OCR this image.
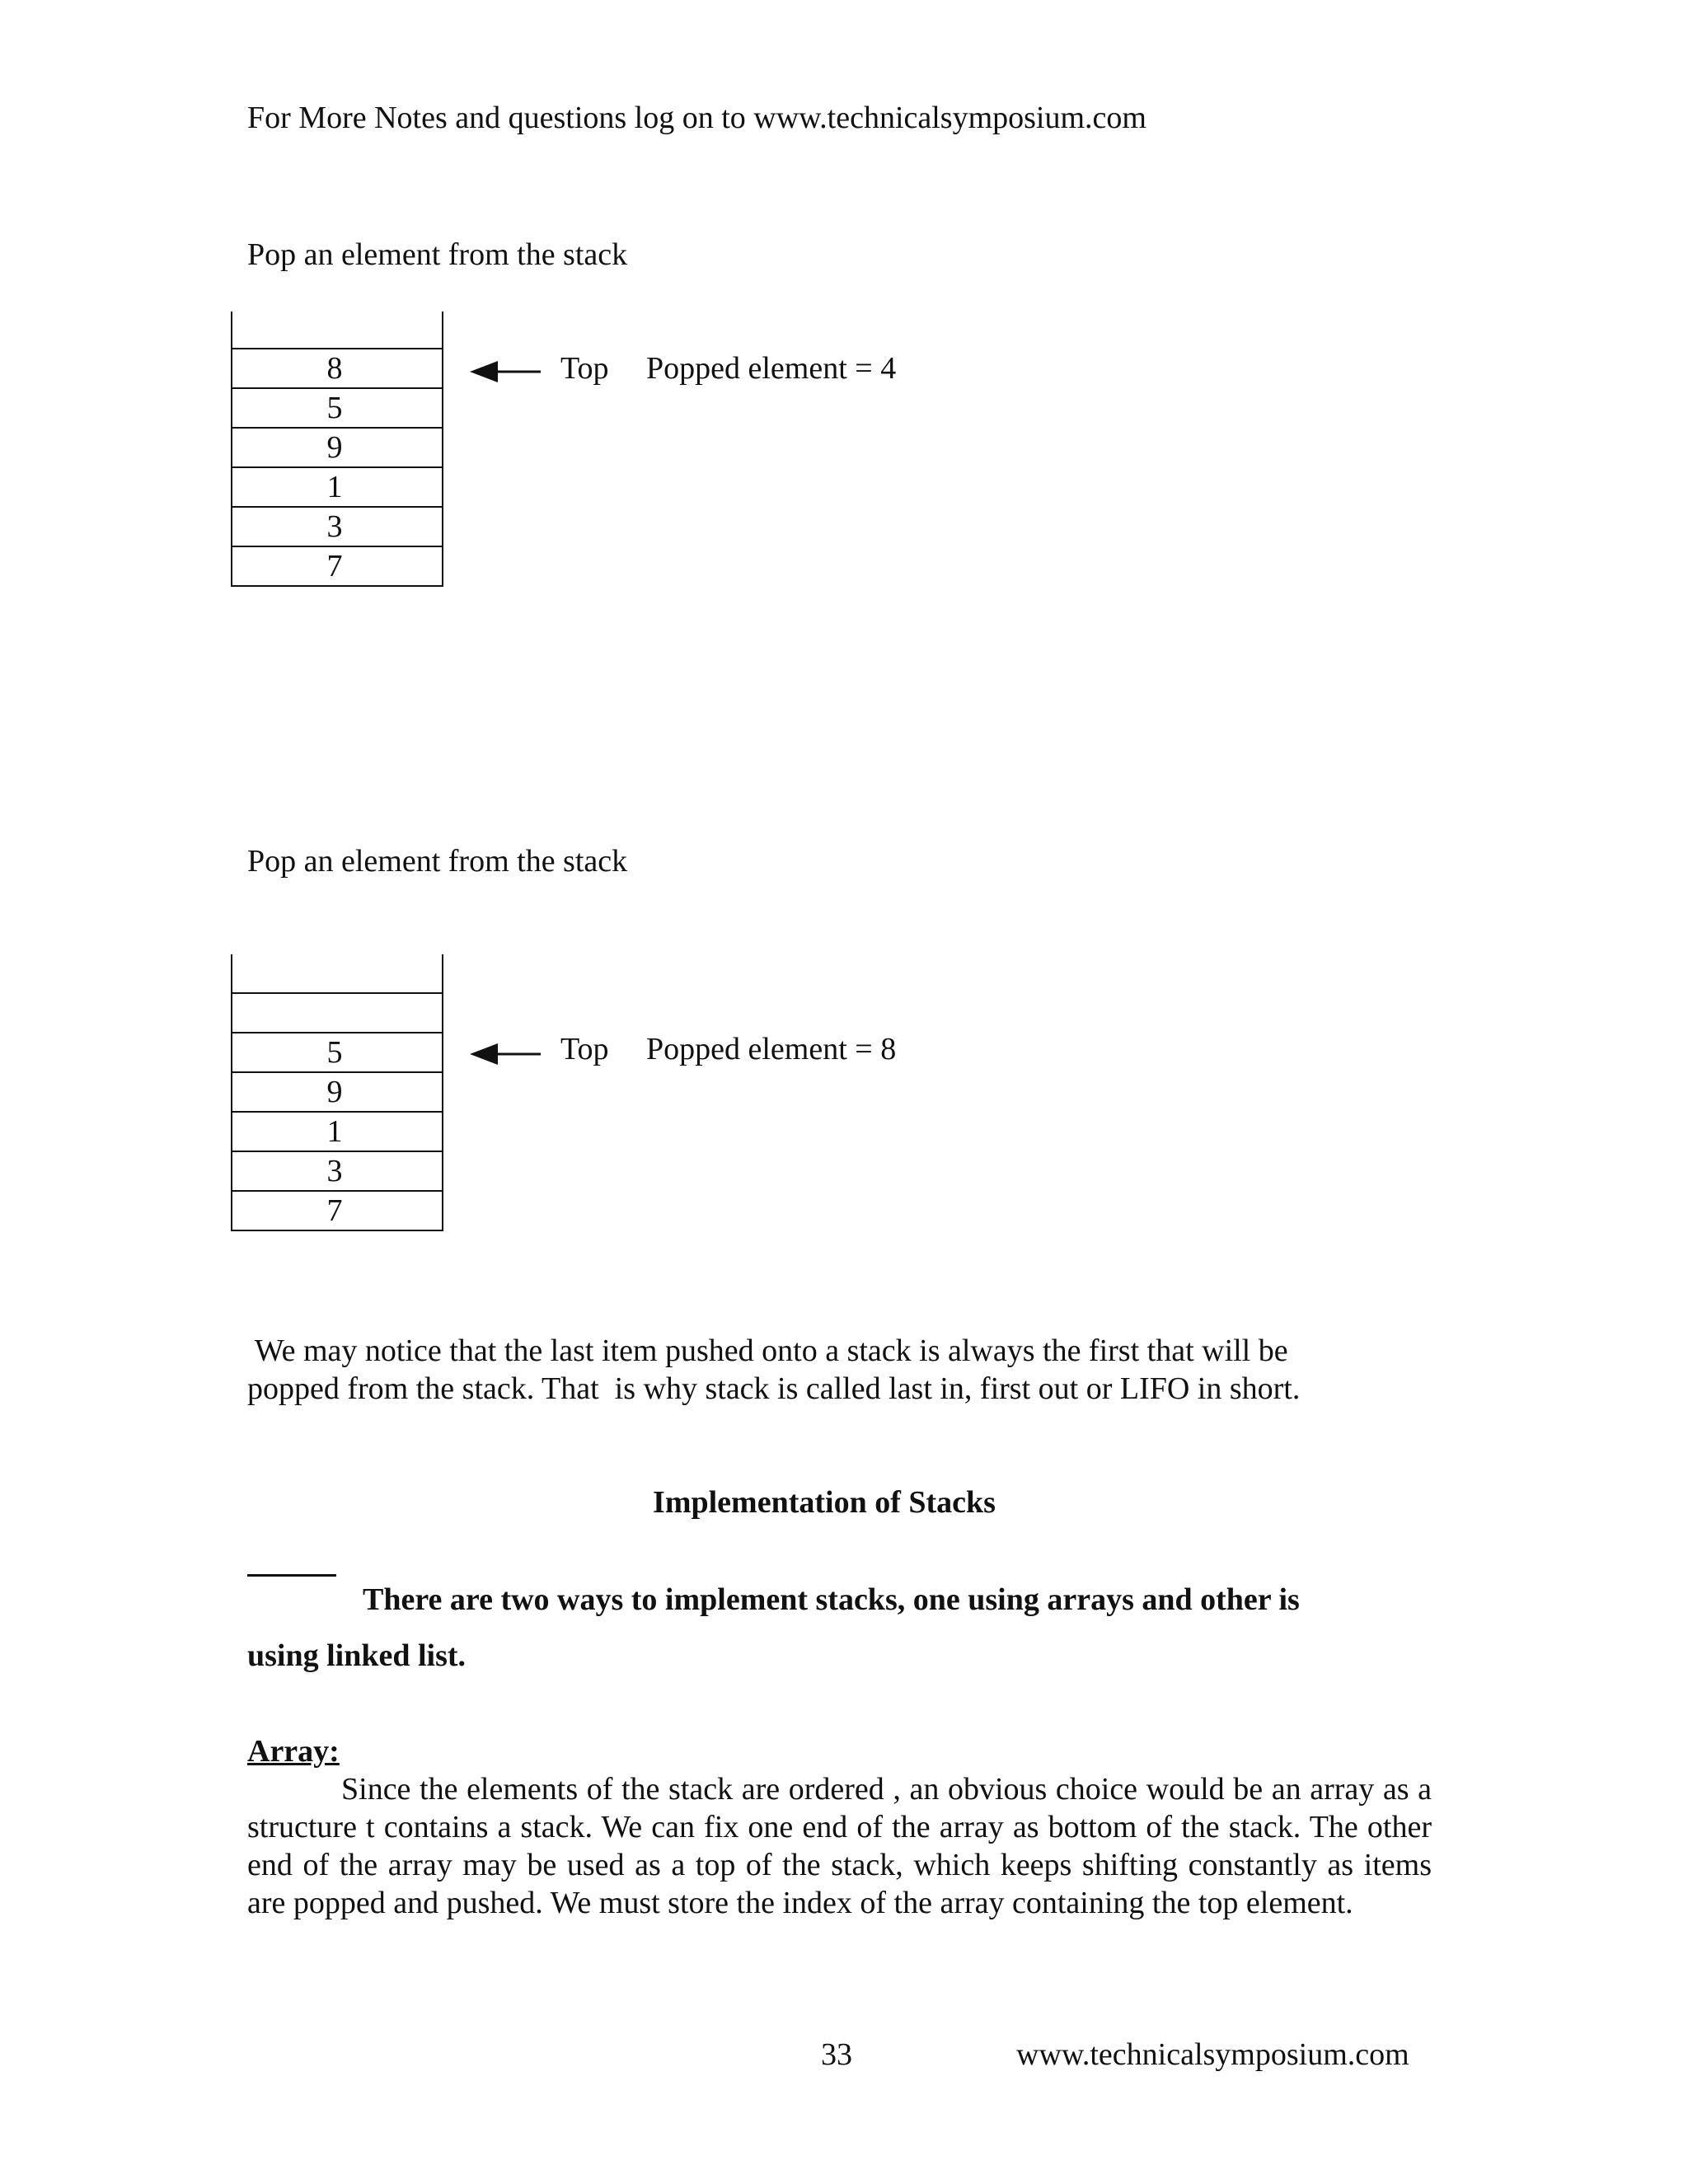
For More Notes and questions log on to www.technicalsymposium.com
Pop an element from the stack
8
5
9
1
3
7
Top Popped element = 4
Pop an element from the stack
5
9
1
3
7
Top Popped element = 8
We may notice that the last item pushed onto a stack is always the first that will be
popped from the stack. That  is why stack is called last in, first out or LIFO in short.
Implementation of Stacks
There are two ways to implement stacks, one using arrays and other is
using linked list.
Array:
Since the elements of the stack are ordered , an obvious choice would be an array as a structure t contains a stack. We can fix one end of the array as bottom of the stack. The other end of the array may be used as a top of the stack, which keeps shifting constantly as items are popped and pushed. We must store the index of the array containing the top element.
33	www.technicalsymposium.com
